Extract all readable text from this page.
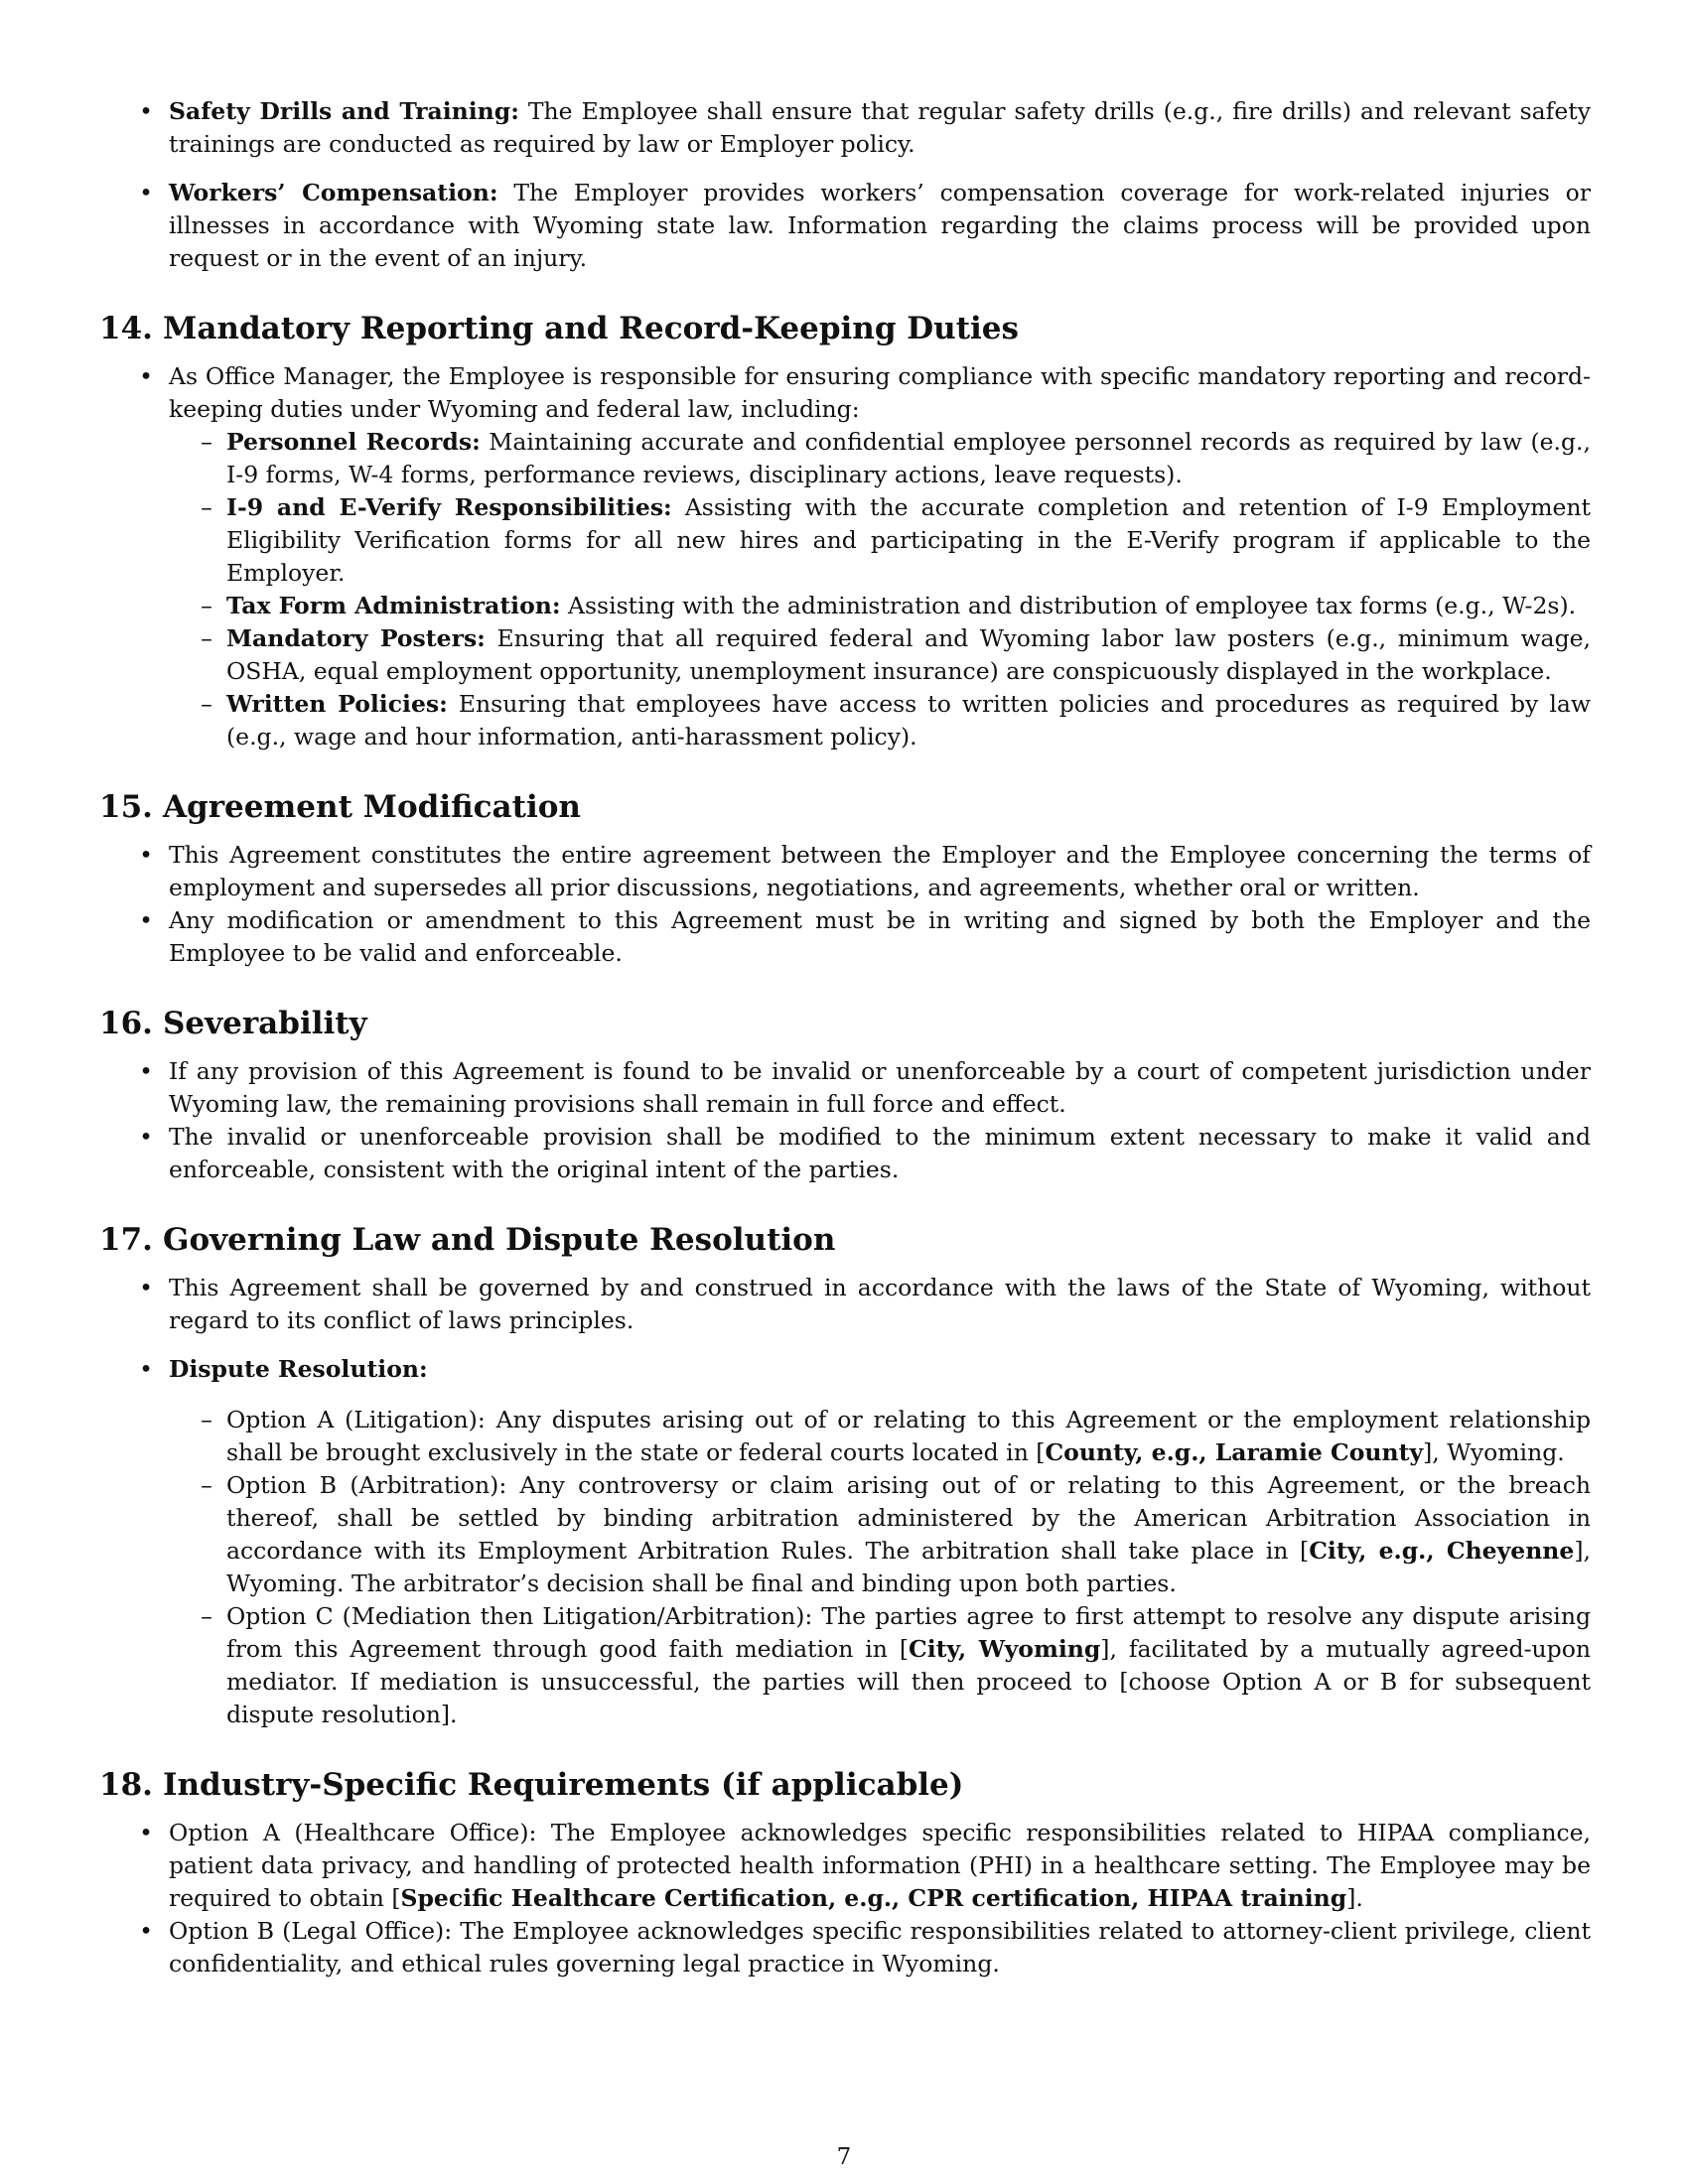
• Safety Drills and Training: The Employee shall ensure that regular safety drills (e.g., fire drills) and relevant safety trainings are conducted as required by law or Employer policy.

• Workers’ Compensation: The Employer provides workers’ compensation coverage for work-related injuries or illnesses in accordance with Wyoming state law. Information regarding the claims process will be provided upon request or in the event of an injury.

14. Mandatory Reporting and Record-Keeping Duties

• As Office Manager, the Employee is responsible for ensuring compliance with specific mandatory reporting and record-keeping duties under Wyoming and federal law, including:

– Personnel Records: Maintaining accurate and confidential employee personnel records as required by law (e.g., I-9 forms, W-4 forms, performance reviews, disciplinary actions, leave requests).

– I-9 and E-Verify Responsibilities: Assisting with the accurate completion and retention of I-9 Employment Eligibility Verification forms for all new hires and participating in the E-Verify program if applicable to the Employer.

– Tax Form Administration: Assisting with the administration and distribution of employee tax forms (e.g., W-2s).

– Mandatory Posters: Ensuring that all required federal and Wyoming labor law posters (e.g., minimum wage, OSHA, equal employment opportunity, unemployment insurance) are conspicuously displayed in the workplace.

– Written Policies: Ensuring that employees have access to written policies and procedures as required by law (e.g., wage and hour information, anti-harassment policy).

15. Agreement Modification

• This Agreement constitutes the entire agreement between the Employer and the Employee concerning the terms of employment and supersedes all prior discussions, negotiations, and agreements, whether oral or written.

• Any modification or amendment to this Agreement must be in writing and signed by both the Employer and the Employee to be valid and enforceable.

16. Severability

• If any provision of this Agreement is found to be invalid or unenforceable by a court of competent jurisdiction under Wyoming law, the remaining provisions shall remain in full force and effect.

• The invalid or unenforceable provision shall be modified to the minimum extent necessary to make it valid and enforceable, consistent with the original intent of the parties.

17. Governing Law and Dispute Resolution

• This Agreement shall be governed by and construed in accordance with the laws of the State of Wyoming, without regard to its conflict of laws principles.

• Dispute Resolution:

– Option A (Litigation): Any disputes arising out of or relating to this Agreement or the employment relationship shall be brought exclusively in the state or federal courts located in [County, e.g., Laramie County], Wyoming.

– Option B (Arbitration): Any controversy or claim arising out of or relating to this Agreement, or the breach thereof, shall be settled by binding arbitration administered by the American Arbitration Association in accordance with its Employment Arbitration Rules. The arbitration shall take place in [City, e.g., Cheyenne], Wyoming. The arbitrator’s decision shall be final and binding upon both parties.

– Option C (Mediation then Litigation/Arbitration): The parties agree to first attempt to resolve any dispute arising from this Agreement through good faith mediation in [City, Wyoming], facilitated by a mutually agreed-upon mediator. If mediation is unsuccessful, the parties will then proceed to [choose Option A or B for subsequent dispute resolution].

18. Industry-Specific Requirements (if applicable)

• Option A (Healthcare Office): The Employee acknowledges specific responsibilities related to HIPAA compliance, patient data privacy, and handling of protected health information (PHI) in a healthcare setting. The Employee may be required to obtain [Specific Healthcare Certification, e.g., CPR certification, HIPAA training].

• Option B (Legal Office): The Employee acknowledges specific responsibilities related to attorney-client privilege, client confidentiality, and ethical rules governing legal practice in Wyoming.

7
